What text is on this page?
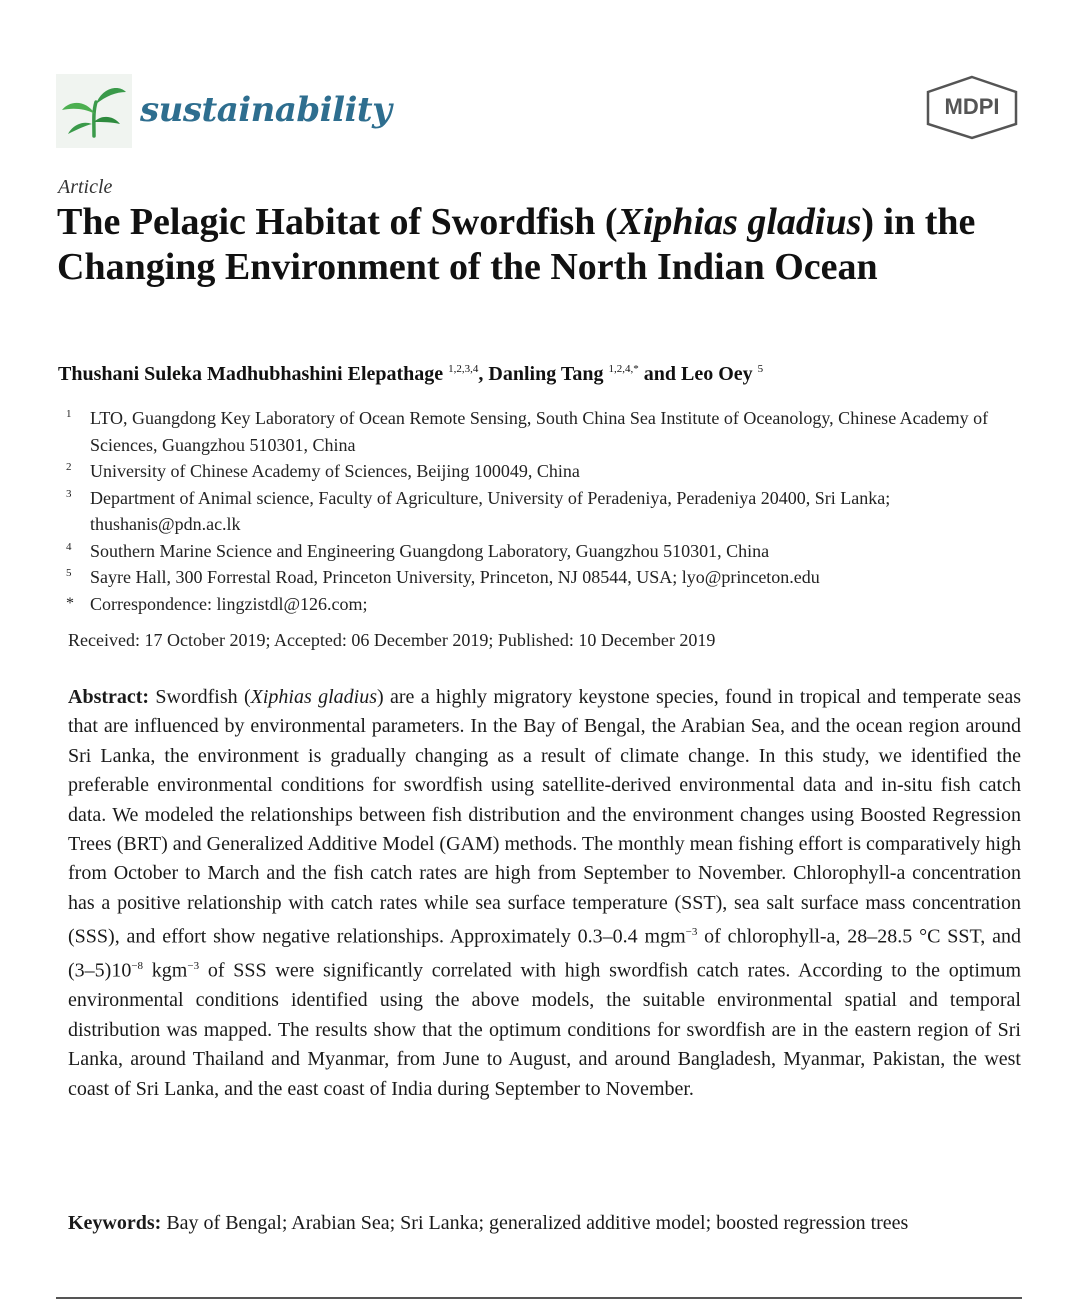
sustainability	MDPI
Article
The Pelagic Habitat of Swordfish (Xiphias gladius) in the Changing Environment of the North Indian Ocean
Thushani Suleka Madhubhashini Elepathage $^{1,2,3,4}$, Danling Tang $^{1,2,4,*}$ and Leo Oey $^5$
1 LTO, Guangdong Key Laboratory of Ocean Remote Sensing, South China Sea Institute of Oceanology, Chinese Academy of Sciences, Guangzhou 510301, China
2 University of Chinese Academy of Sciences, Beijing 100049, China
3 Department of Animal science, Faculty of Agriculture, University of Peradeniya, Peradeniya 20400, Sri Lanka; thushanis@pdn.ac.lk
4 Southern Marine Science and Engineering Guangdong Laboratory, Guangzhou 510301, China
5 Sayre Hall, 300 Forrestal Road, Princeton University, Princeton, NJ 08544, USA; lyo@princeton.edu
* Correspondence: lingzistdl@126.com;
Received: 17 October 2019; Accepted: 06 December 2019; Published: 10 December 2019

Abstract: Swordfish (Xiphias gladius) are a highly migratory keystone species, found in tropical and temperate seas that are influenced by environmental parameters. In the Bay of Bengal, the Arabian Sea, and the ocean region around Sri Lanka, the environment is gradually changing as a result of climate change. In this study, we identified the preferable environmental conditions for swordfish using satellite-derived environmental data and in-situ fish catch data. We modeled the relationships between fish distribution and the environment changes using Boosted Regression Trees (BRT) and Generalized Additive Model (GAM) methods. The monthly mean fishing effort is comparatively high from October to March and the fish catch rates are high from September to November. Chlorophyll-a concentration has a positive relationship with catch rates while sea surface temperature (SST), sea salt surface mass concentration (SSS), and effort show negative relationships. Approximately 0.3–0.4 mgm$^{-3}$ of chlorophyll-a, 28–28.5 °C SST, and $(3-5)10^{-8}$ kgm$^{-3}$ of SSS were significantly correlated with high swordfish catch rates. According to the optimum environmental conditions identified using the above models, the suitable environmental spatial and temporal distribution was mapped. The results show that the optimum conditions for swordfish are in the eastern region of Sri Lanka, around Thailand and Myanmar, from June to August, and around Bangladesh, Myanmar, Pakistan, the west coast of Sri Lanka, and the east coast of India during September to November.

Keywords: Bay of Bengal; Arabian Sea; Sri Lanka; generalized additive model; boosted regression trees
